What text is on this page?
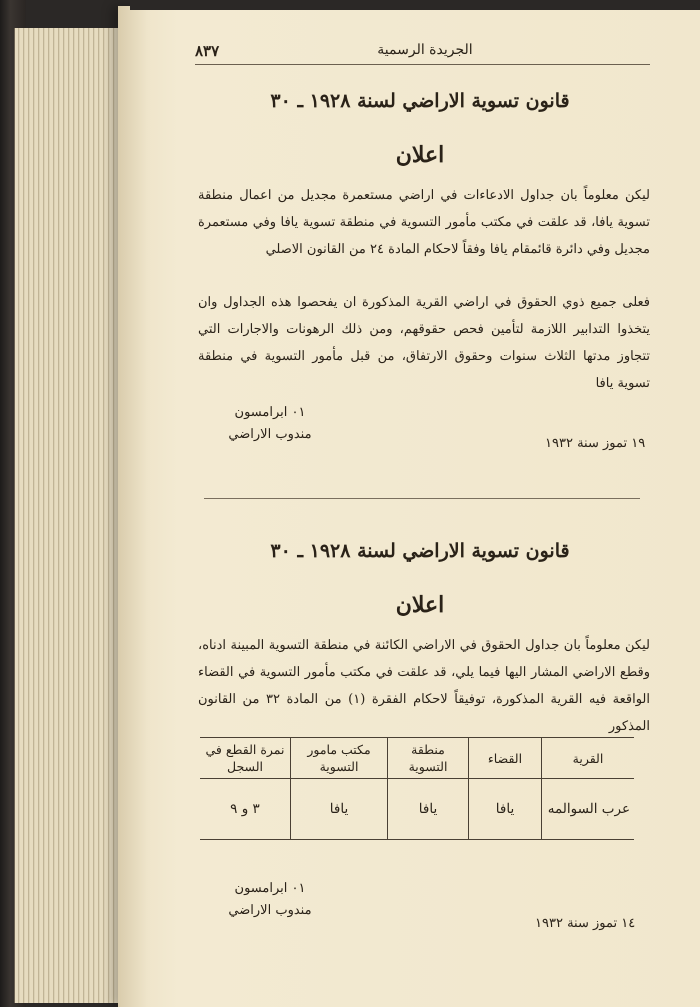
٨٣٧	الجريدة الرسمية
قانون تسوية الاراضي لسنة ١٩٢٨ ـ ٣٠
اعلان

ليكن معلوماً بان جداول الادعاءات في اراضي مستعمرة مجديل من اعمال منطقة تسوية يافا، قد علقت في مكتب مأمور التسوية في منطقة تسوية يافا وفي مستعمرة مجديل وفي دائرة قائمقام يافا وفقاً لاحكام المادة ٢٤ من القانون الاصلي

فعلى جميع ذوي الحقوق في اراضي القرية المذكورة ان يفحصوا هذه الجداول وان يتخذوا التدابير اللازمة لتأمين فحص حقوقهم، ومن ذلك الرهونات والاجارات التي تتجاوز مدتها الثلاث سنوات وحقوق الارتفاق، من قبل مأمور التسوية في منطقة تسوية يافا

٠١ ابرامسون
مندوب الاراضي
١٩ تموز سنة ١٩٣٢
قانون تسوية الاراضي لسنة ١٩٢٨ ـ ٣٠
اعلان

ليكن معلوماً بان جداول الحقوق في الاراضي الكائنة في منطقة التسوية المبينة ادناه، وقطع الاراضي المشار اليها فيما يلي، قد علقت في مكتب مأمور التسوية في القضاء الواقعة فيه القرية المذكورة، توفيقاً لاحكام الفقرة (١) من المادة ٣٢ من القانون المذكور

القرية	القضاء	منطقة التسوية	مكتب مامور التسوية	نمرة القطع في السجل
عرب السوالمه	يافا	يافا	يافا	٣ و ٩
٠١ ابرامسون
مندوب الاراضي
١٤ تموز سنة ١٩٣٢
